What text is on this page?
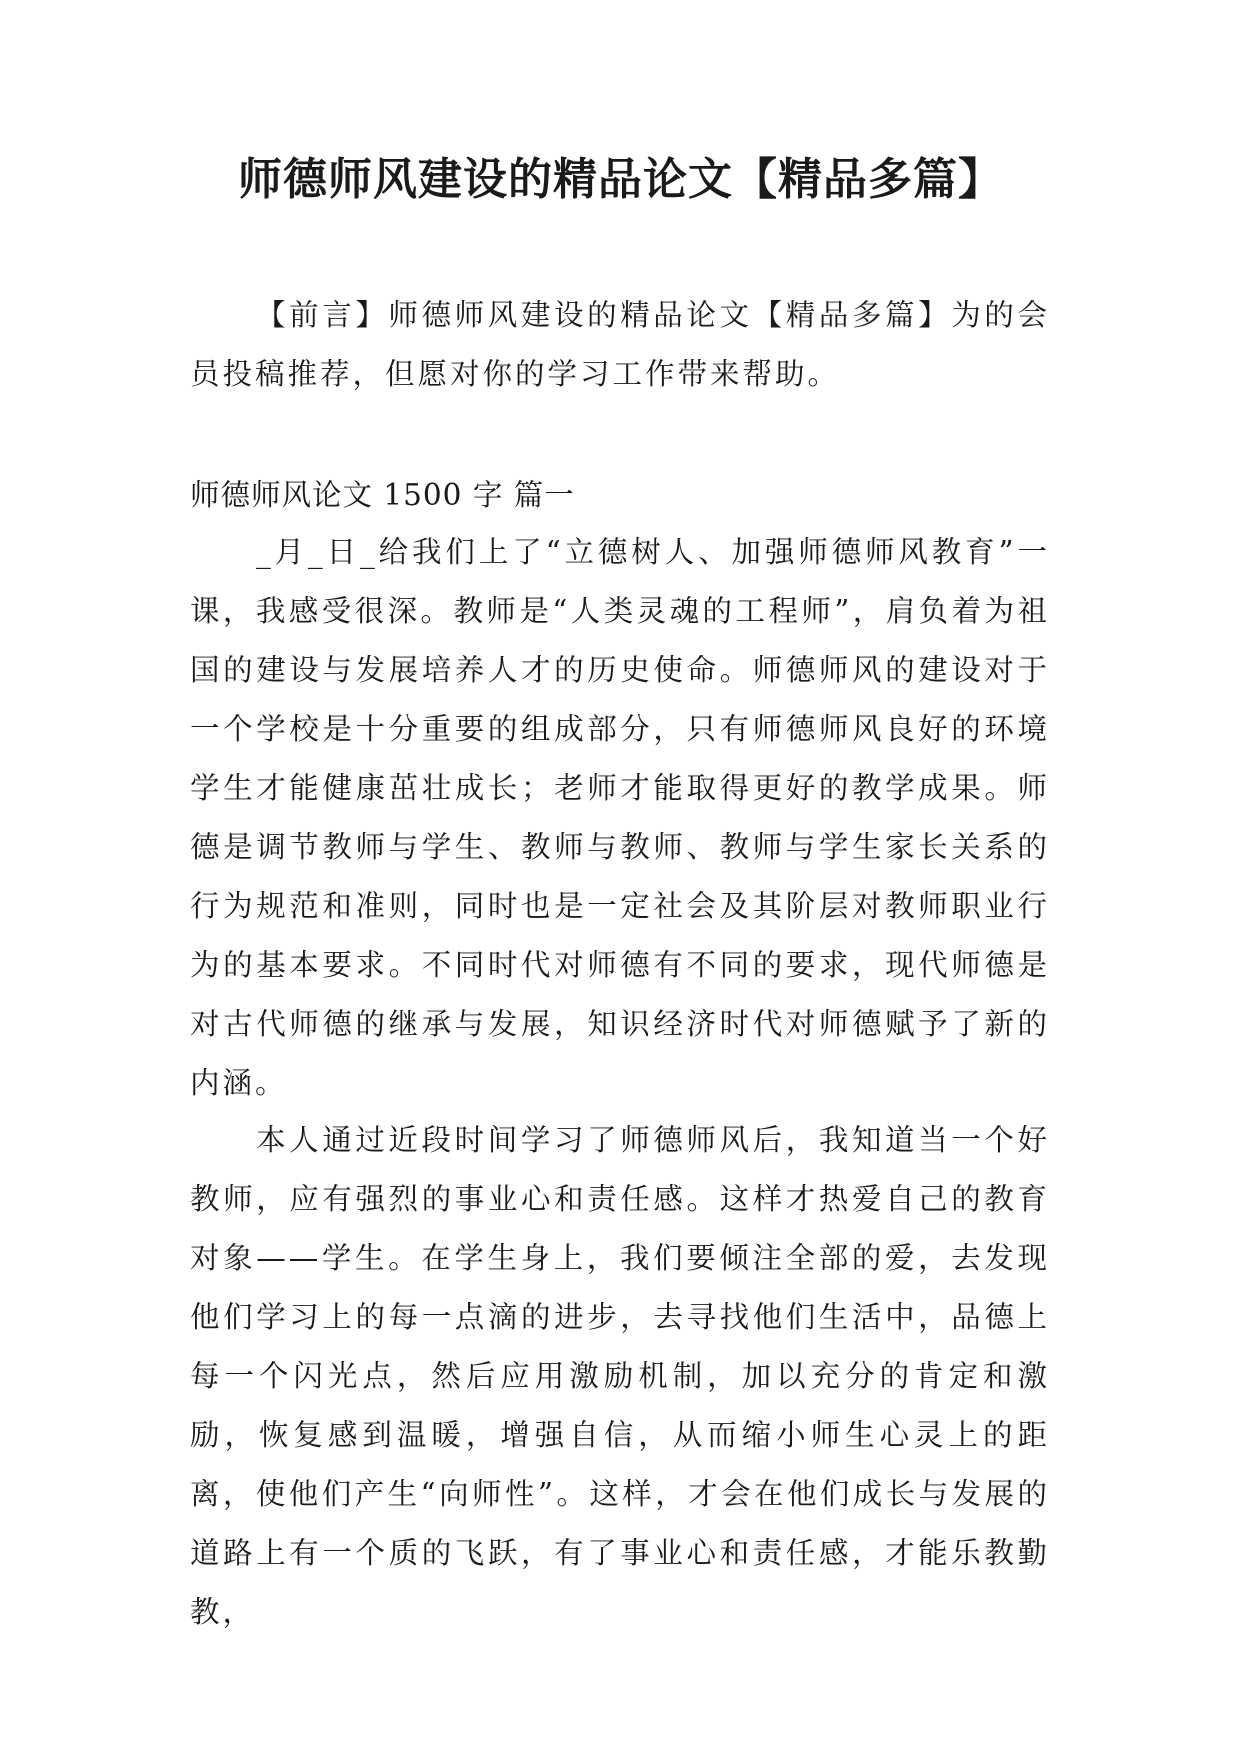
师德师风建设的精品论文【精品多篇】

【前言】师德师风建设的精品论文【精品多篇】为的会员投稿推荐，但愿对你的学习工作带来帮助。

师德师风论文 1500 字 篇一

_月_日_给我们上了“立德树人、加强师德师风教育”一课，我感受很深。教师是“人类灵魂的工程师”，肩负着为祖国的建设与发展培养人才的历史使命。师德师风的建设对于一个学校是十分重要的组成部分，只有师德师风良好的环境学生才能健康茁壮成长；老师才能取得更好的教学成果。师德是调节教师与学生、教师与教师、教师与学生家长关系的行为规范和准则，同时也是一定社会及其阶层对教师职业行为的基本要求。不同时代对师德有不同的要求，现代师德是对古代师德的继承与发展，知识经济时代对师德赋予了新的内涵。

本人通过近段时间学习了师德师风后，我知道当一个好教师，应有强烈的事业心和责任感。这样才热爱自己的教育对象——学生。在学生身上，我们要倾注全部的爱，去发现他们学习上的每一点滴的进步，去寻找他们生活中，品德上每一个闪光点，然后应用激励机制，加以充分的肯定和激励，恢复感到温暖，增强自信，从而缩小师生心灵上的距离，使他们产生“向师性”。这样，才会在他们成长与发展的道路上有一个质的飞跃，有了事业心和责任感，才能乐教勤教，
